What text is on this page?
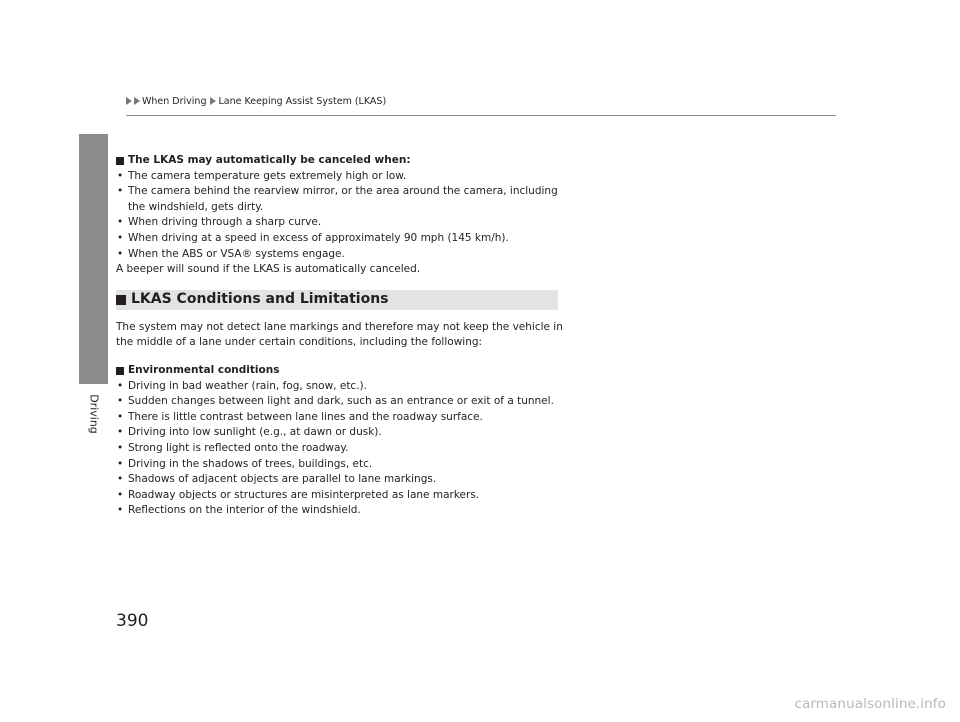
Driving
When Driving Lane Keeping Assist System (LKAS)
The LKAS may automatically be canceled when:
• The camera temperature gets extremely high or low.
• The camera behind the rearview mirror, or the area around the camera, including the windshield, gets dirty.
• When driving through a sharp curve.
• When driving at a speed in excess of approximately 90 mph (145 km/h).
• When the ABS or VSA® systems engage.

A beeper will sound if the LKAS is automatically canceled.

LKAS Conditions and Limitations

The system may not detect lane markings and therefore may not keep the vehicle in the middle of a lane under certain conditions, including the following:

Environmental conditions
• Driving in bad weather (rain, fog, snow, etc.).
• Sudden changes between light and dark, such as an entrance or exit of a tunnel.
• There is little contrast between lane lines and the roadway surface.
• Driving into low sunlight (e.g., at dawn or dusk).
• Strong light is reflected onto the roadway.
• Driving in the shadows of trees, buildings, etc.
• Shadows of adjacent objects are parallel to lane markings.
• Roadway objects or structures are misinterpreted as lane markers.
• Reflections on the interior of the windshield.
390
carmanualsonline.info
